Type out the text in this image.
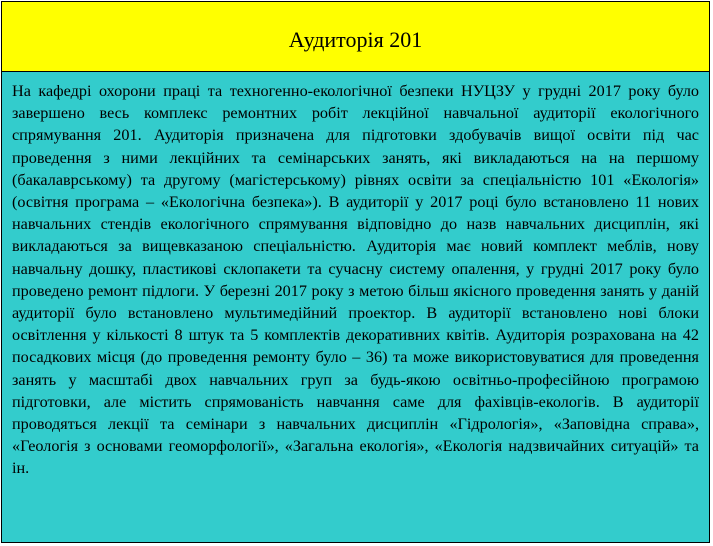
Аудиторія 201

На кафедрі охорони праці та техногенно-екологічної безпеки НУЦЗУ у грудні 2017 року було завершено весь комплекс ремонтних робіт лекційної навчальної аудиторії екологічного спрямування 201. Аудиторія призначена для підготовки здобувачів вищої освіти під час проведення з ними лекційних та семінарських занять, які викладаються на на першому (бакалаврському) та другому (магістерському) рівнях освіти за спеціальністю 101 «Екологія» (освітня програма – «Екологічна безпека»). В аудиторії у 2017 році було встановлено 11 нових навчальних стендів екологічного спрямування відповідно до назв навчальних дисциплін, які викладаються за вищевказаною спеціальністю. Аудиторія має новий комплект меблів, нову навчальну дошку, пластикові склопакети та сучасну систему опалення, у грудні 2017 року було проведено ремонт підлоги. У березні 2017 року з метою більш якісного проведення занять у даній аудиторії було встановлено мультимедійний проектор. В аудиторії встановлено нові блоки освітлення у кількості 8 штук та 5 комплектів декоративних квітів. Аудиторія розрахована на 42 посадкових місця (до проведення ремонту було – 36) та може використовуватися для проведення занять у масштабі двох навчальних груп за будь-якою освітньо-професійною програмою підготовки, але містить спрямованість навчання саме для фахівців-екологів. В аудиторії проводяться лекції та семінари з навчальних дисциплін «Гідрологія», «Заповідна справа», «Геологія з основами геоморфології», «Загальна екологія», «Екологія надзвичайних ситуацій» та ін.
